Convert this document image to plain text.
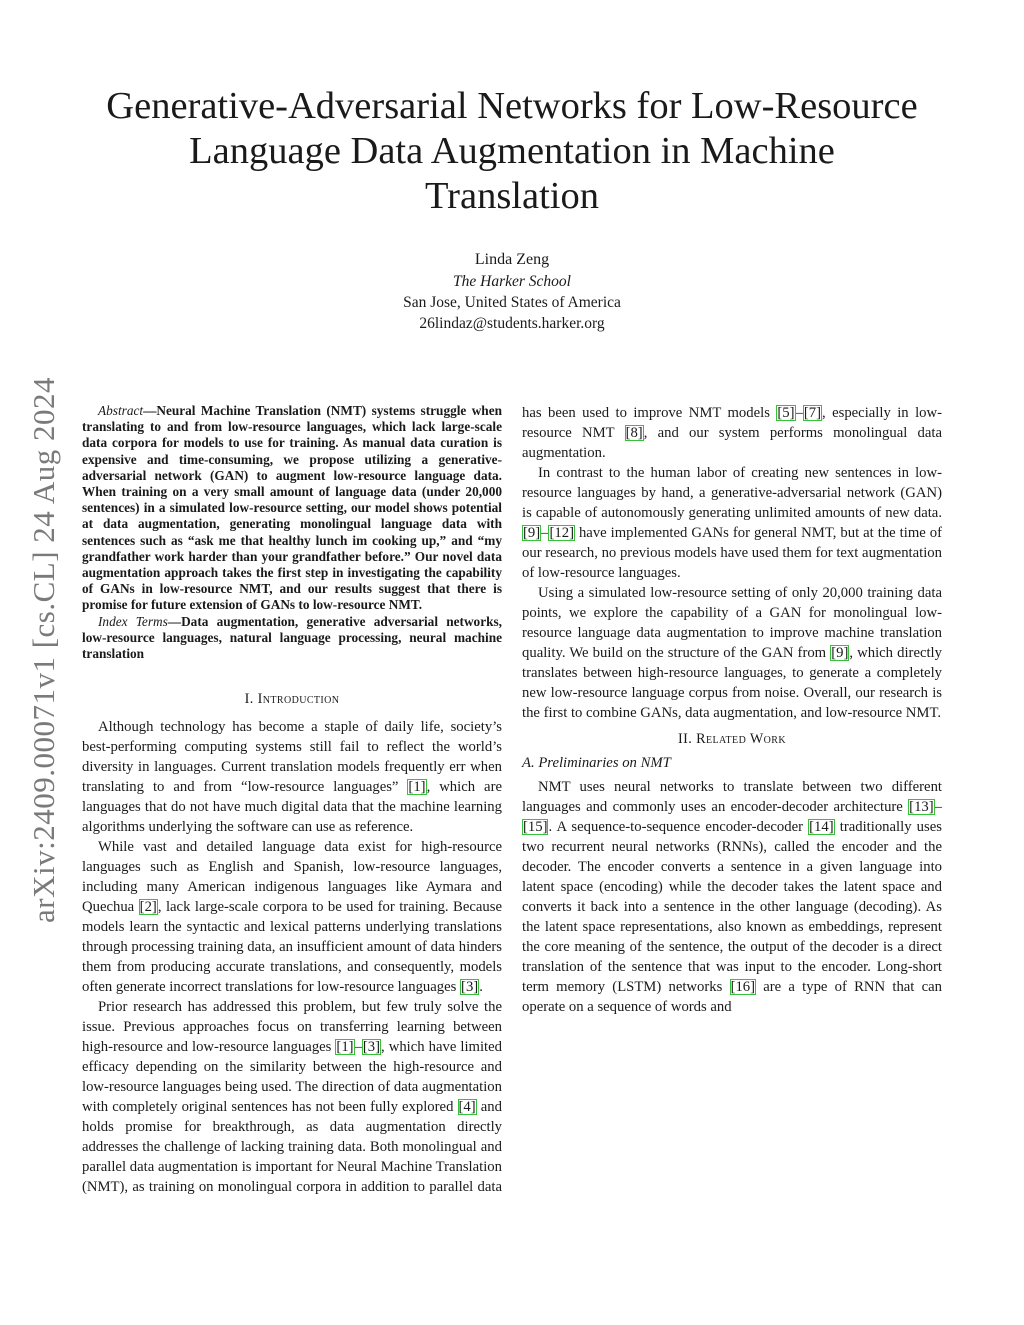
arXiv:2409.00071v1 [cs.CL] 24 Aug 2024
Generative-Adversarial Networks for Low-Resource
Language Data Augmentation in Machine
Translation
Linda Zeng
The Harker School
San Jose, United States of America
26lindaz@students.harker.org

Abstract—Neural Machine Translation (NMT) systems struggle when translating to and from low-resource languages, which lack large-scale data corpora for models to use for training. As manual data curation is expensive and time-consuming, we propose utilizing a generative-adversarial network (GAN) to augment low-resource language data. When training on a very small amount of language data (under 20,000 sentences) in a simulated low-resource setting, our model shows potential at data augmentation, generating monolingual language data with sentences such as “ask me that healthy lunch im cooking up,” and “my grandfather work harder than your grandfather before.” Our novel data augmentation approach takes the first step in investigating the capability of GANs in low-resource NMT, and our results suggest that there is promise for future extension of GANs to low-resource NMT.

Index Terms—Data augmentation, generative adversarial networks, low-resource languages, natural language processing, neural machine translation

I. Introduction

Although technology has become a staple of daily life, society’s best-performing computing systems still fail to reflect the world’s diversity in languages. Current translation models frequently err when translating to and from “low-resource languages” [1], which are languages that do not have much digital data that the machine learning algorithms underlying the software can use as reference.

While vast and detailed language data exist for high-resource languages such as English and Spanish, low-resource languages, including many American indigenous languages like Aymara and Quechua [2], lack large-scale corpora to be used for training. Because models learn the syntactic and lexical patterns underlying translations through processing training data, an insufficient amount of data hinders them from producing accurate translations, and consequently, models often generate incorrect translations for low-resource languages [3].

Prior research has addressed this problem, but few truly solve the issue. Previous approaches focus on transferring learning between high-resource and low-resource languages [1]–[3], which have limited efficacy depending on the similarity between the high-resource and low-resource languages being used. The direction of data augmentation with completely original sentences has not been fully explored [4] and holds promise for breakthrough, as data augmentation directly addresses the challenge of lacking training data. Both monolingual and parallel data augmentation is important for Neural Machine Translation (NMT), as training on monolingual corpora in addition to parallel data has been used to improve NMT models [5]–[7], especially in low-resource NMT [8], and our system performs monolingual data augmentation.

In contrast to the human labor of creating new sentences in low-resource languages by hand, a generative-adversarial network (GAN) is capable of autonomously generating unlimited amounts of new data. [9]–[12] have implemented GANs for general NMT, but at the time of our research, no previous models have used them for text augmentation of low-resource languages.

Using a simulated low-resource setting of only 20,000 training data points, we explore the capability of a GAN for monolingual low-resource language data augmentation to improve machine translation quality. We build on the structure of the GAN from [9], which directly translates between high-resource languages, to generate a completely new low-resource language corpus from noise. Overall, our research is the first to combine GANs, data augmentation, and low-resource NMT.

II. Related Work
A. Preliminaries on NMT

NMT uses neural networks to translate between two different languages and commonly uses an encoder-decoder architecture [13]–[15]. A sequence-to-sequence encoder-decoder [14] traditionally uses two recurrent neural networks (RNNs), called the encoder and the decoder. The encoder converts a sentence in a given language into latent space (encoding) while the decoder takes the latent space and converts it back into a sentence in the other language (decoding). As the latent space representations, also known as embeddings, represent the core meaning of the sentence, the output of the decoder is a direct translation of the sentence that was input to the encoder. Long-short term memory (LSTM) networks [16] are a type of RNN that can operate on a sequence of words and
